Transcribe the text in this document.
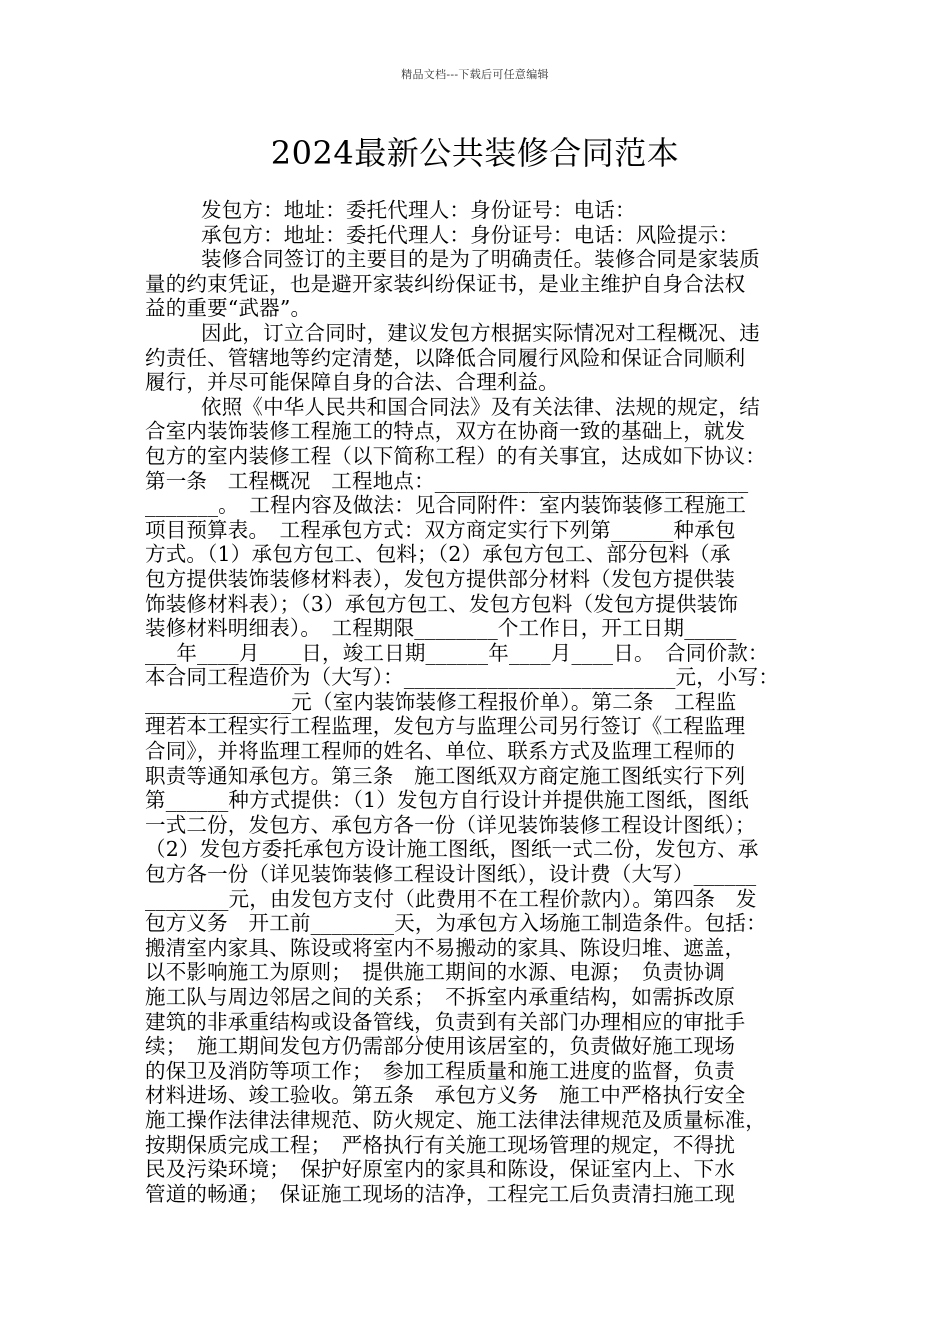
精品文档---下载后可任意编辑
2024最新公共装修合同范本
发包方：地址：委托代理人：身份证号：电话：
承包方：地址：委托代理人：身份证号：电话：风险提示：
装修合同签订的主要目的是为了明确责任。装修合同是家装质
量的约束凭证，也是避开家装纠纷保证书，是业主维护自身合法权
益的重要“武器”。
因此，订立合同时，建议发包方根据实际情况对工程概况、违
约责任、管辖地等约定清楚，以降低合同履行风险和保证合同顺利
履行，并尽可能保障自身的合法、合理利益。
依照《中华人民共和国合同法》及有关法律、法规的规定，结
合室内装饰装修工程施工的特点，双方在协商一致的基础上，就发
包方的室内装修工程（以下简称工程）的有关事宜，达成如下协议：
第一条　工程概况　工程地点：______________________________
_______。　工程内容及做法：见合同附件：室内装饰装修工程施工
项目预算表。　工程承包方式：双方商定实行下列第______种承包
方式。（1）承包方包工、包料；（2）承包方包工、部分包料（承
包方提供装饰装修材料表），发包方提供部分材料（发包方提供装
饰装修材料表）；（3）承包方包工、发包方包料（发包方提供装饰
装修材料明细表）。　工程期限________个工作日，开工日期_____
___年____月____日，竣工日期______年____月____日。　合同价款：
本合同工程造价为（大写）：__________________________元，小写：
______________元（室内装饰装修工程报价单）。第二条　工程监
理若本工程实行工程监理，发包方与监理公司另行签订《工程监理
合同》，并将监理工程师的姓名、单位、联系方式及监理工程师的
职责等通知承包方。第三条　施工图纸双方商定施工图纸实行下列
第______种方式提供：（1）发包方自行设计并提供施工图纸，图纸
一式二份，发包方、承包方各一份（详见装饰装修工程设计图纸）；
（2）发包方委托承包方设计施工图纸，图纸一式二份，发包方、承
包方各一份（详见装饰装修工程设计图纸），设计费（大写）______
________元，由发包方支付（此费用不在工程价款内）。第四条　发
包方义务　开工前________天，为承包方入场施工制造条件。包括：
搬清室内家具、陈设或将室内不易搬动的家具、陈设归堆、遮盖，
以不影响施工为原则；　提供施工期间的水源、电源；　负责协调
施工队与周边邻居之间的关系；　不拆室内承重结构，如需拆改原
建筑的非承重结构或设备管线，负责到有关部门办理相应的审批手
续；　施工期间发包方仍需部分使用该居室的，负责做好施工现场
的保卫及消防等项工作；　参加工程质量和施工进度的监督，负责
材料进场、竣工验收。第五条　承包方义务　施工中严格执行安全
施工操作法律法律规范、防火规定、施工法律法律规范及质量标准，
按期保质完成工程；　严格执行有关施工现场管理的规定，不得扰
民及污染环境；　保护好原室内的家具和陈设，保证室内上、下水
管道的畅通；　保证施工现场的洁净，工程完工后负责清扫施工现
